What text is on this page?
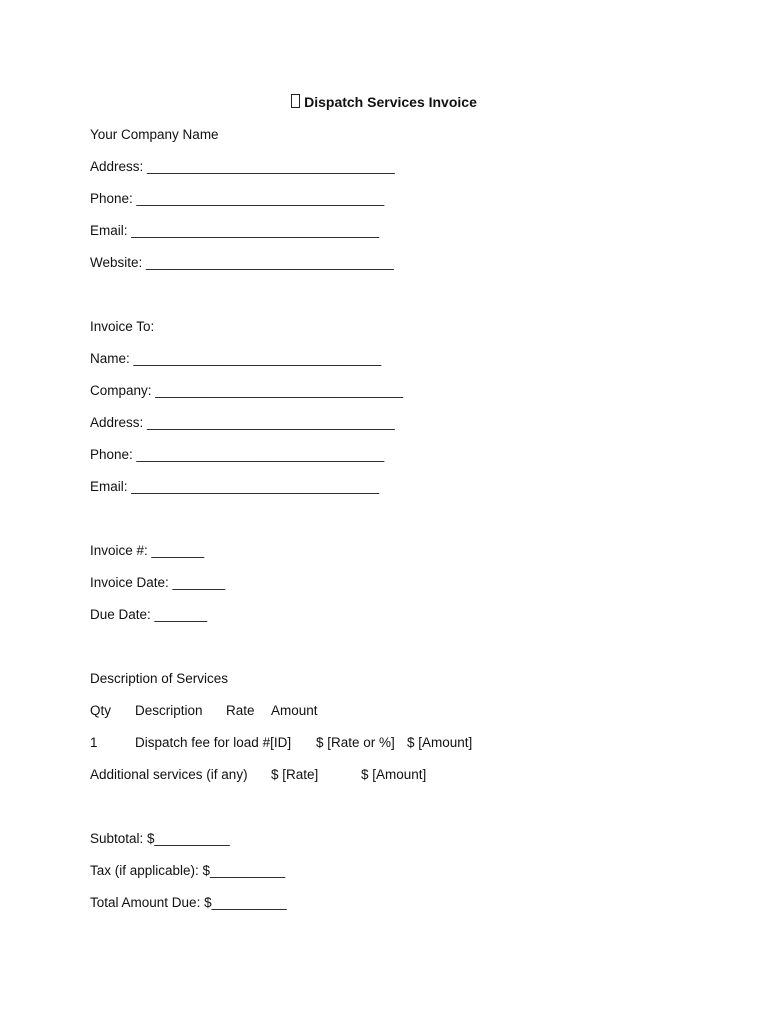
Dispatch Services Invoice
Your Company Name
Address: _________________________________
Phone: _________________________________
Email: _________________________________
Website: _________________________________
Invoice To:
Name: _________________________________
Company: _________________________________
Address: _________________________________
Phone: _________________________________
Email: _________________________________
Invoice #: _______
Invoice Date: _______
Due Date: _______
Description of Services
Qty Description Rate Amount
1	Dispatch fee for load #[ID] $ [Rate or %] $ [Amount]
Additional services (if any) $ [Rate]	$ [Amount]
Subtotal: $__________
Tax (if applicable): $__________
Total Amount Due: $__________
